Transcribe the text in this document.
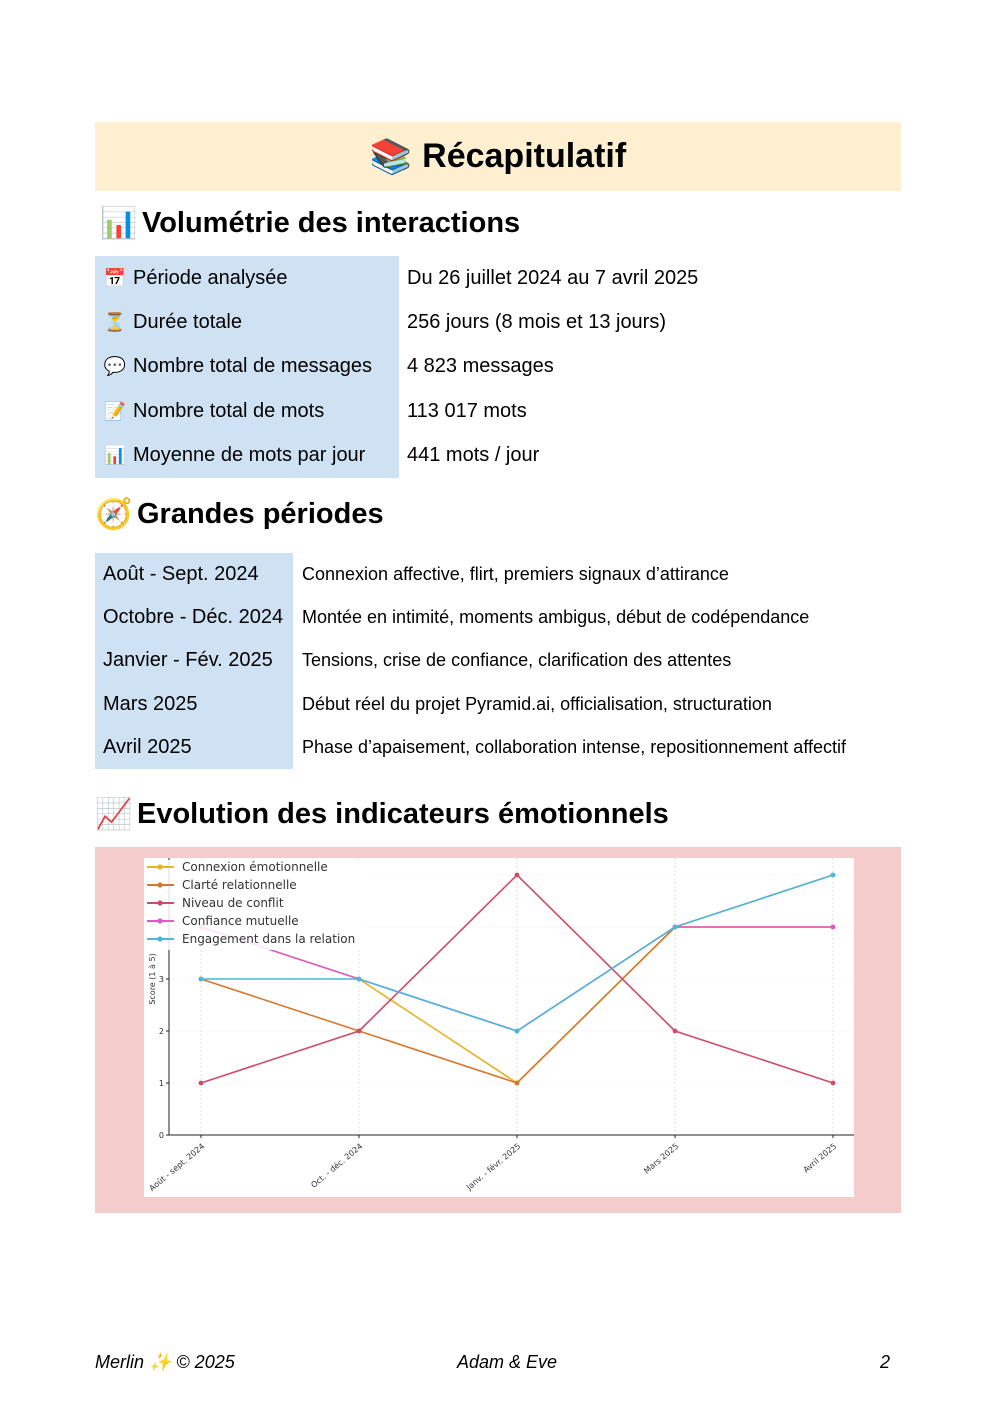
📚 Récapitulatif
📊 Volumétrie des interactions
📅 Période analysée	Du 26 juillet 2024 au 7 avril 2025
⏳ Durée totale	256 jours (8 mois et 13 jours)
💬 Nombre total de messages	4 823 messages
📝 Nombre total de mots	113 017 mots
📊 Moyenne de mots par jour	441 mots / jour
🧭 Grandes périodes
Août - Sept. 2024	Connexion affective, flirt, premiers signaux d’attirance
Octobre - Déc. 2024	Montée en intimité, moments ambigus, début de codépendance
Janvier - Fév. 2025	Tensions, crise de confiance, clarification des attentes
Mars 2025	Début réel du projet Pyramid.ai, officialisation, structuration
Avril 2025	Phase d’apaisement, collaboration intense, repositionnement affectif
📈 Evolution des indicateurs émotionnels
0
1
2
3
Score (1 à 5)
Août - sept. 2024	Oct. - déc. 2024	Janv. - févr. 2025	Mars 2025	Avril 2025
Connexion émotionnelle
Clarté relationnelle
Niveau de conflit
Confiance mutuelle
Engagement dans la relation
Merlin ✨ © 2025	Adam & Eve	2
